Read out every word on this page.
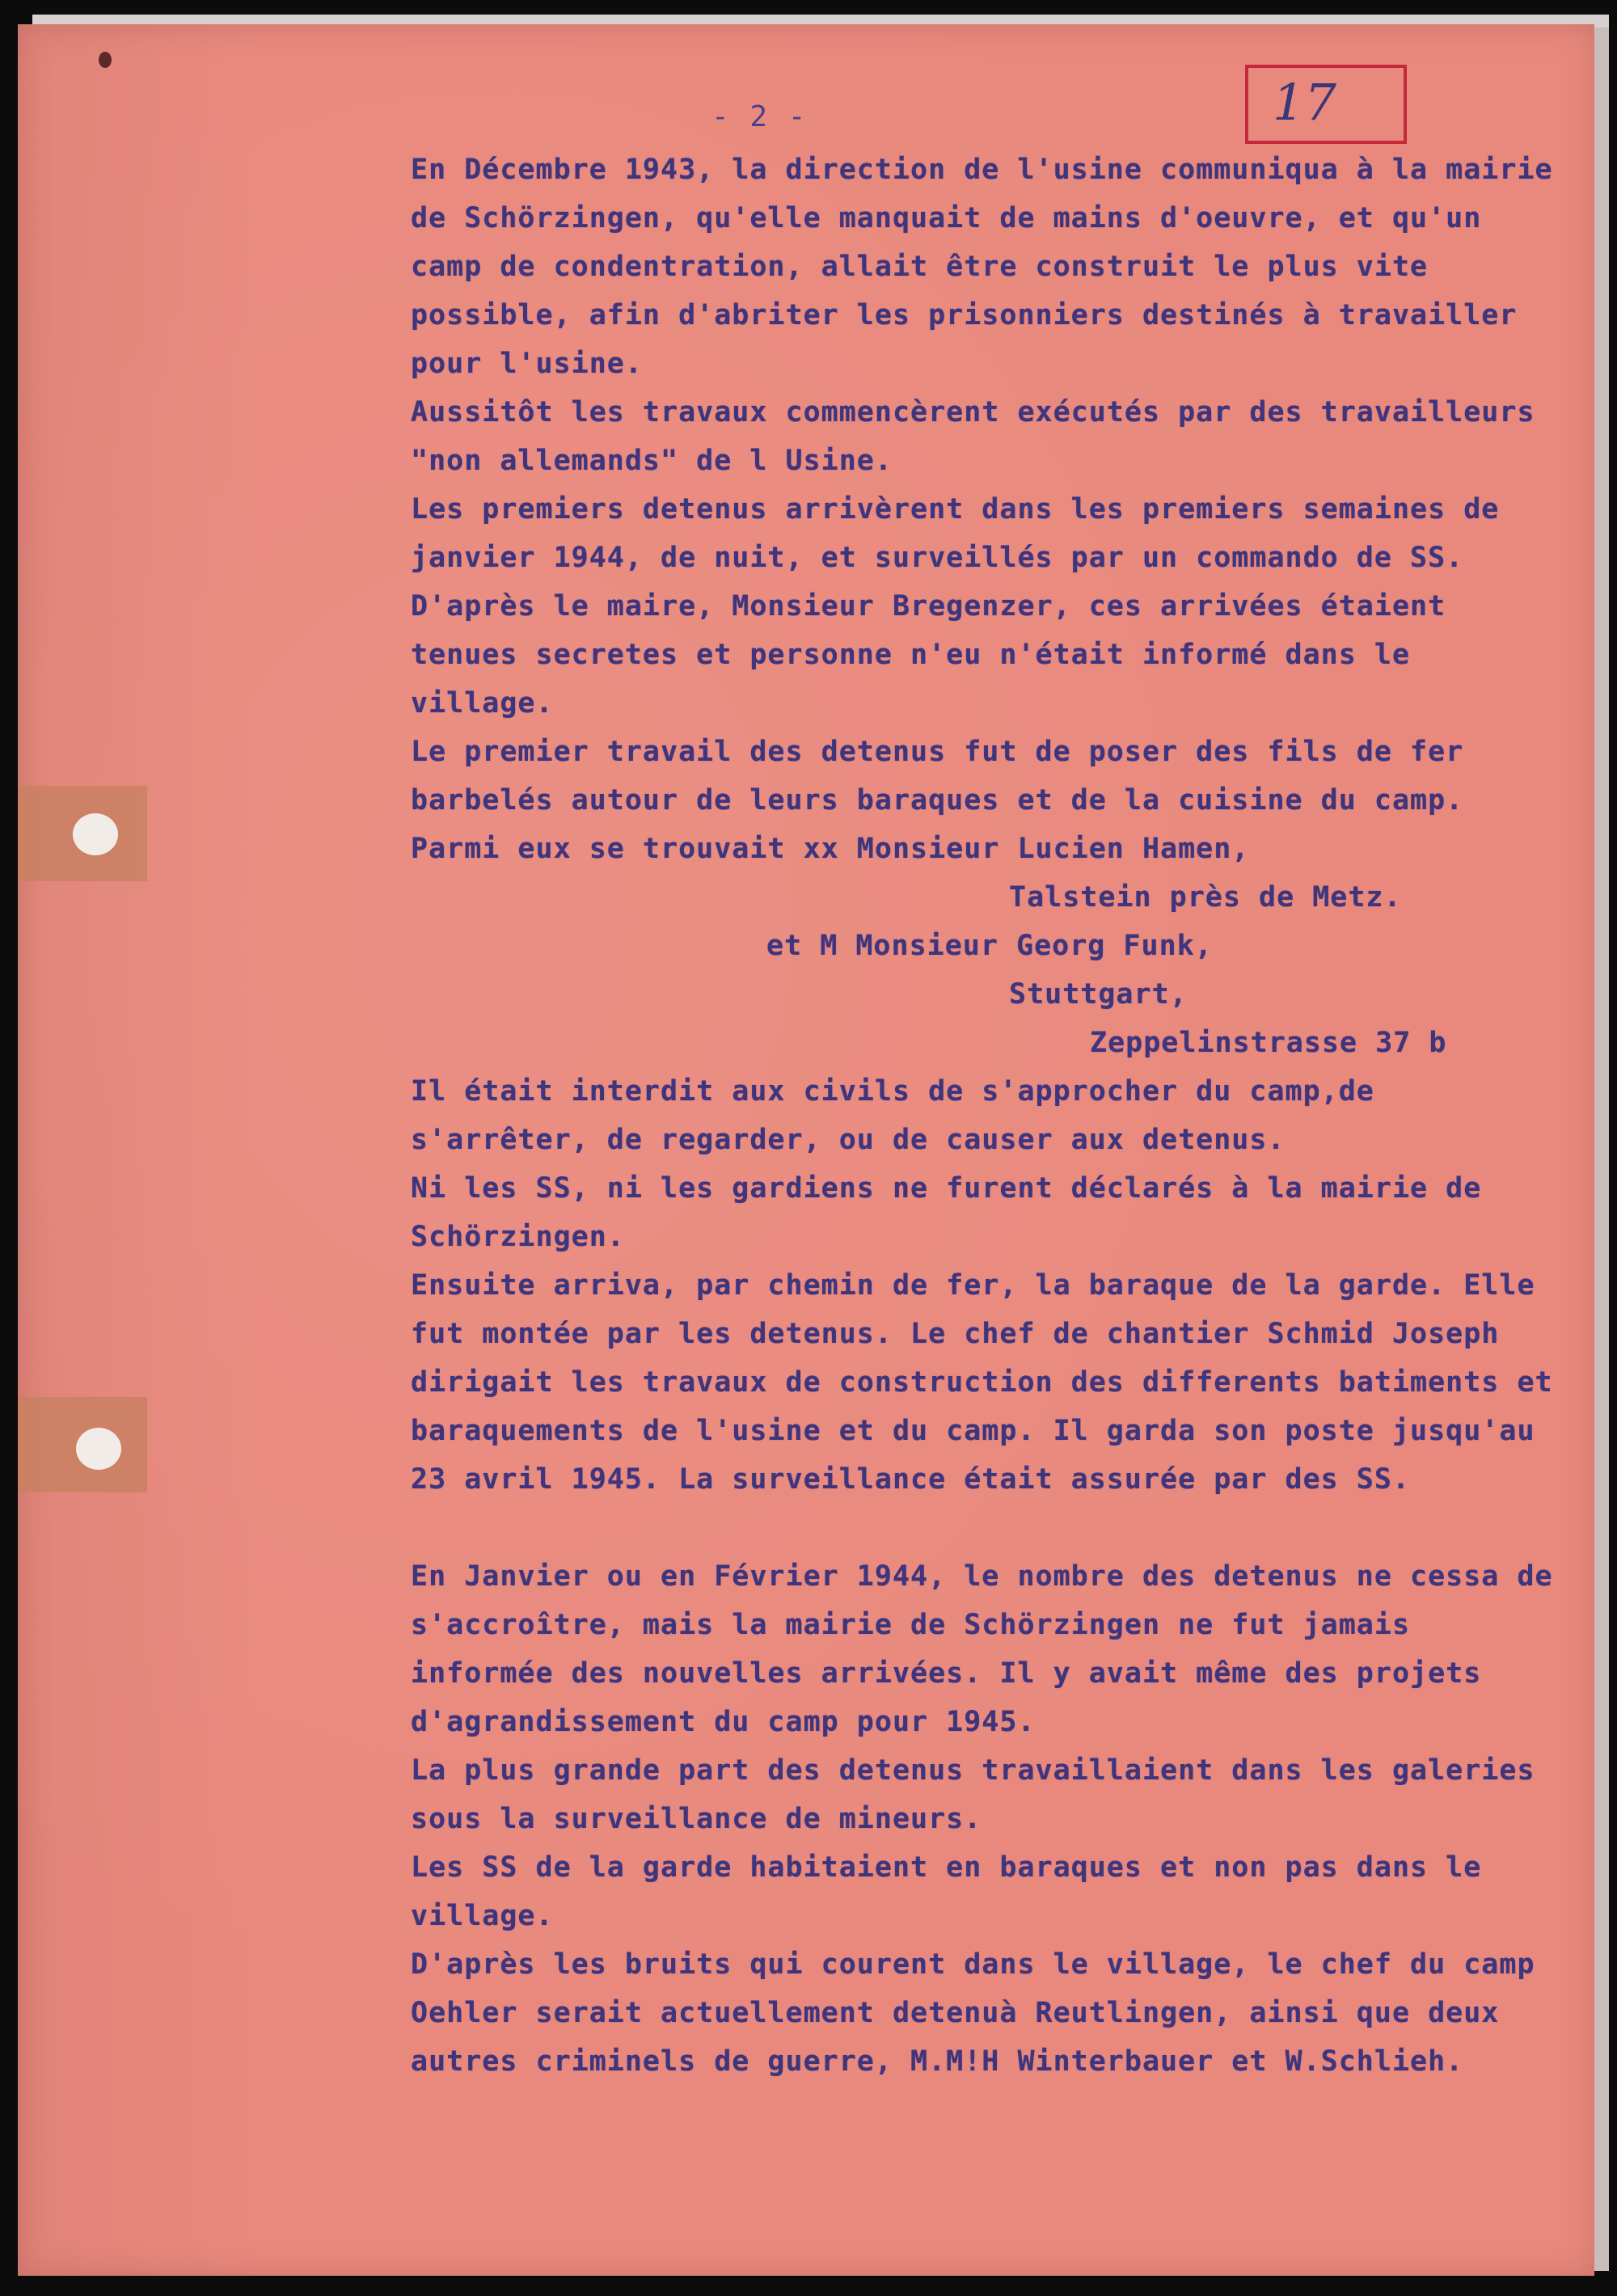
- 2 -	17

En Décembre 1943, la direction de l'usine communiqua à la mairie de Schörzingen, qu'elle manquait de mains d'oeuvre, et qu'un camp de condentration, allait être construit le plus vite possible, afin d'abriter les prisonniers destinés à travailler pour l'usine.

Aussitôt les travaux commencèrent exécutés par des travailleurs "non allemands" de l Usine.

Les premiers detenus arrivèrent dans les premiers semaines de janvier 1944, de nuit, et surveillés par un commando de SS. D'après le maire, Monsieur Bregenzer, ces arrivées étaient tenues secretes et personne n'eu n'était informé dans le village.

Le premier travail des detenus fut de poser des fils de fer barbelés autour de leurs baraques et de la cuisine du camp.

Parmi eux se trouvait xx Monsieur Lucien Hamen,

Talstein près de Metz.

et M Monsieur Georg Funk,

Stuttgart,

Zeppelinstrasse 37 b

Il était interdit aux civils de s'approcher du camp,de s'arrêter, de regarder, ou de causer aux detenus.

Ni les SS, ni les gardiens ne furent déclarés à la mairie de Schörzingen.

Ensuite arriva, par chemin de fer, la baraque de la garde. Elle fut montée par les detenus. Le chef de chantier Schmid Joseph dirigait les travaux de construction des differents batiments et baraquements de l'usine et du camp. Il garda son poste jusqu'au 23 avril 1945. La surveillance était assurée par des SS.

En Janvier ou en Février 1944, le nombre des detenus ne cessa de s'accroître, mais la mairie de Schörzingen ne fut jamais informée des nouvelles arrivées. Il y avait même des projets d'agrandissement du camp pour 1945.

La plus grande part des detenus travaillaient dans les galeries sous la surveillance de mineurs.

Les SS de la garde habitaient en baraques et non pas dans le village.

D'après les bruits qui courent dans le village, le chef du camp Oehler serait actuellement detenuà Reutlingen, ainsi que deux autres criminels de guerre, M.M!H Winterbauer et W.Schlieh.
